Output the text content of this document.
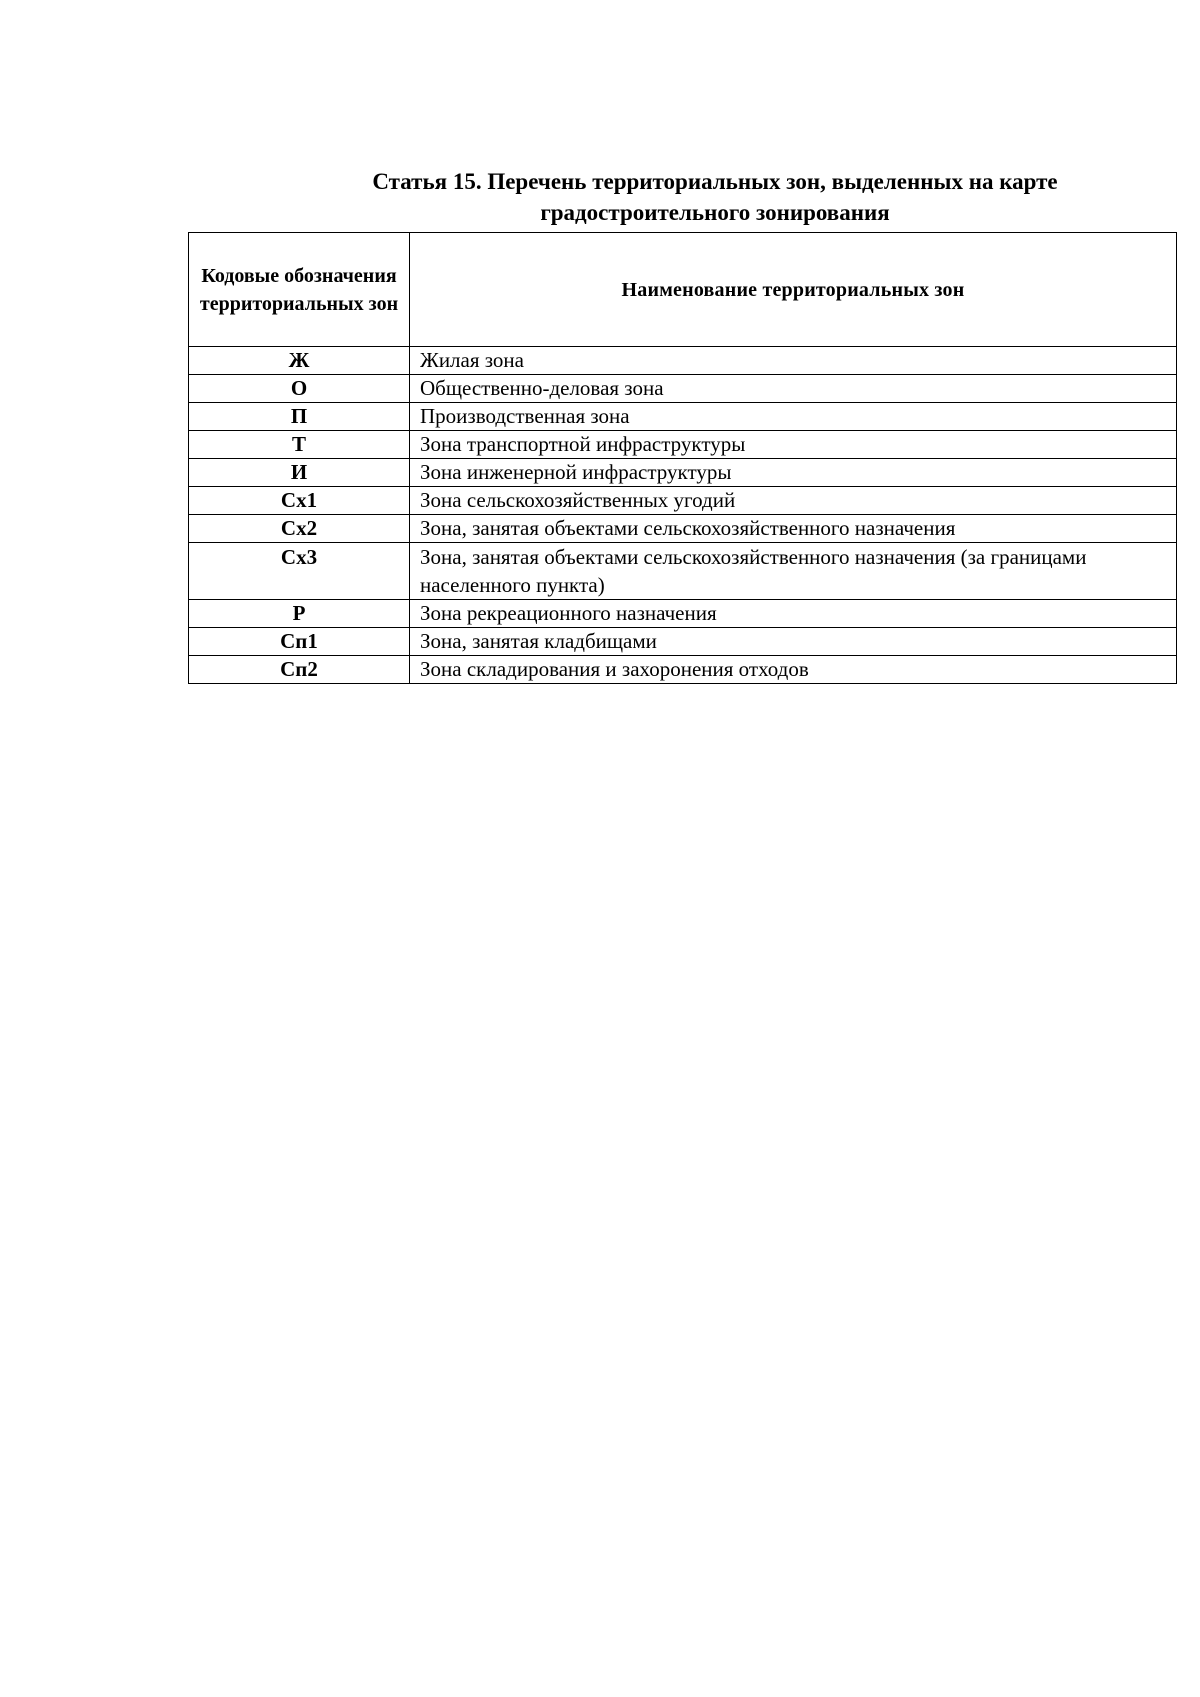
Статья 15. Перечень территориальных зон, выделенных на карте
градостроительного зонирования
Кодовые обозначения территориальных зон	Наименование территориальных зон
Ж	Жилая зона
О	Общественно-деловая зона
П	Производственная зона
Т	Зона транспортной инфраструктуры
И	Зона инженерной инфраструктуры
Сх1	Зона сельскохозяйственных угодий
Сх2	Зона, занятая объектами сельскохозяйственного назначения
Сх3	Зона, занятая объектами сельскохозяйственного назначения (за границами населенного пункта)
Р	Зона рекреационного назначения
Сп1	Зона, занятая кладбищами
Сп2	Зона складирования и захоронения отходов
